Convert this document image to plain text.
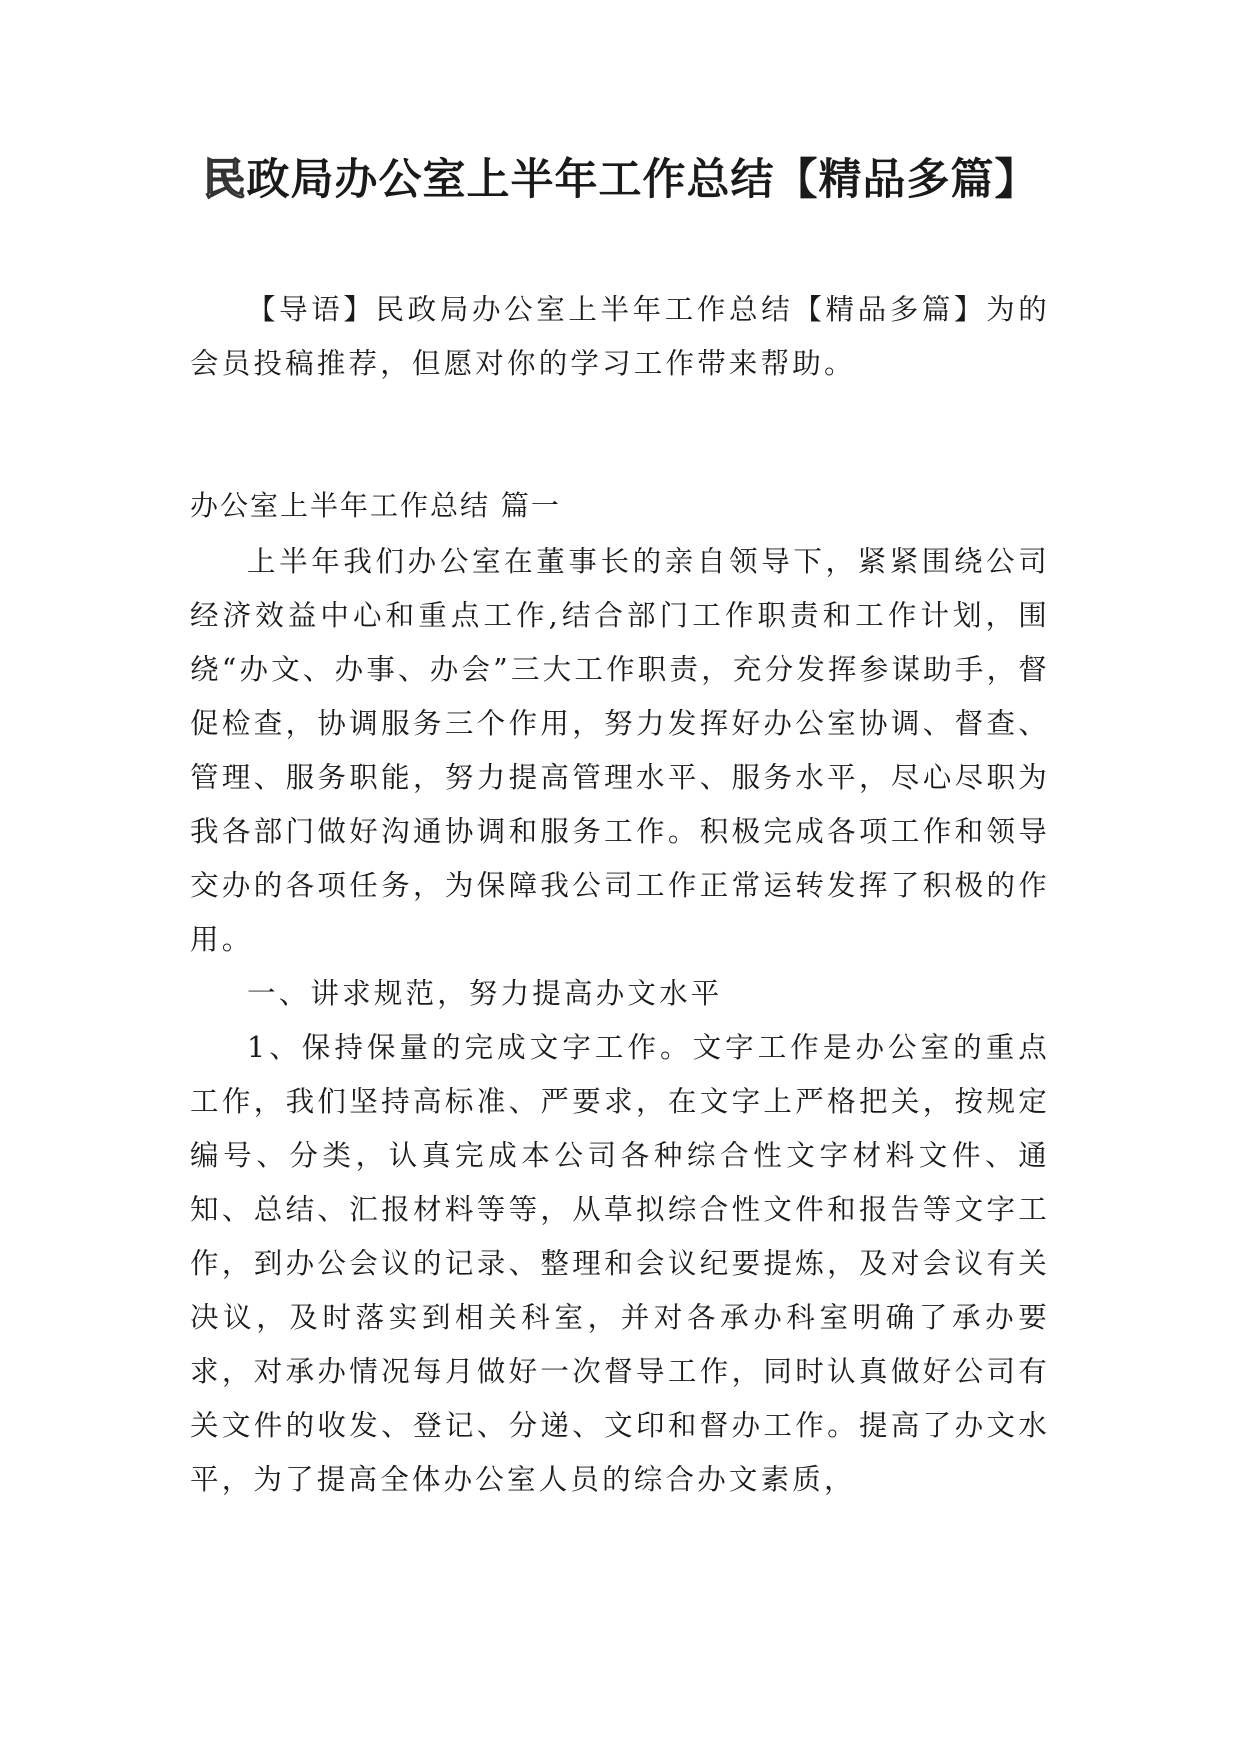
民政局办公室上半年工作总结【精品多篇】

【导语】民政局办公室上半年工作总结【精品多篇】为的会员投稿推荐，但愿对你的学习工作带来帮助。

办公室上半年工作总结 篇一

上半年我们办公室在董事长的亲自领导下，紧紧围绕公司经济效益中心和重点工作,结合部门工作职责和工作计划，围绕“办文、办事、办会”三大工作职责，充分发挥参谋助手，督促检查，协调服务三个作用，努力发挥好办公室协调、督查、管理、服务职能，努力提高管理水平、服务水平，尽心尽职为我各部门做好沟通协调和服务工作。积极完成各项工作和领导交办的各项任务，为保障我公司工作正常运转发挥了积极的作用。

一、讲求规范，努力提高办文水平

1、保持保量的完成文字工作。文字工作是办公室的重点工作，我们坚持高标准、严要求，在文字上严格把关，按规定编号、分类，认真完成本公司各种综合性文字材料文件、通知、总结、汇报材料等等，从草拟综合性文件和报告等文字工作，到办公会议的记录、整理和会议纪要提炼，及对会议有关决议，及时落实到相关科室，并对各承办科室明确了承办要求，对承办情况每月做好一次督导工作，同时认真做好公司有关文件的收发、登记、分递、文印和督办工作。提高了办文水平，为了提高全体办公室人员的综合办文素质，
